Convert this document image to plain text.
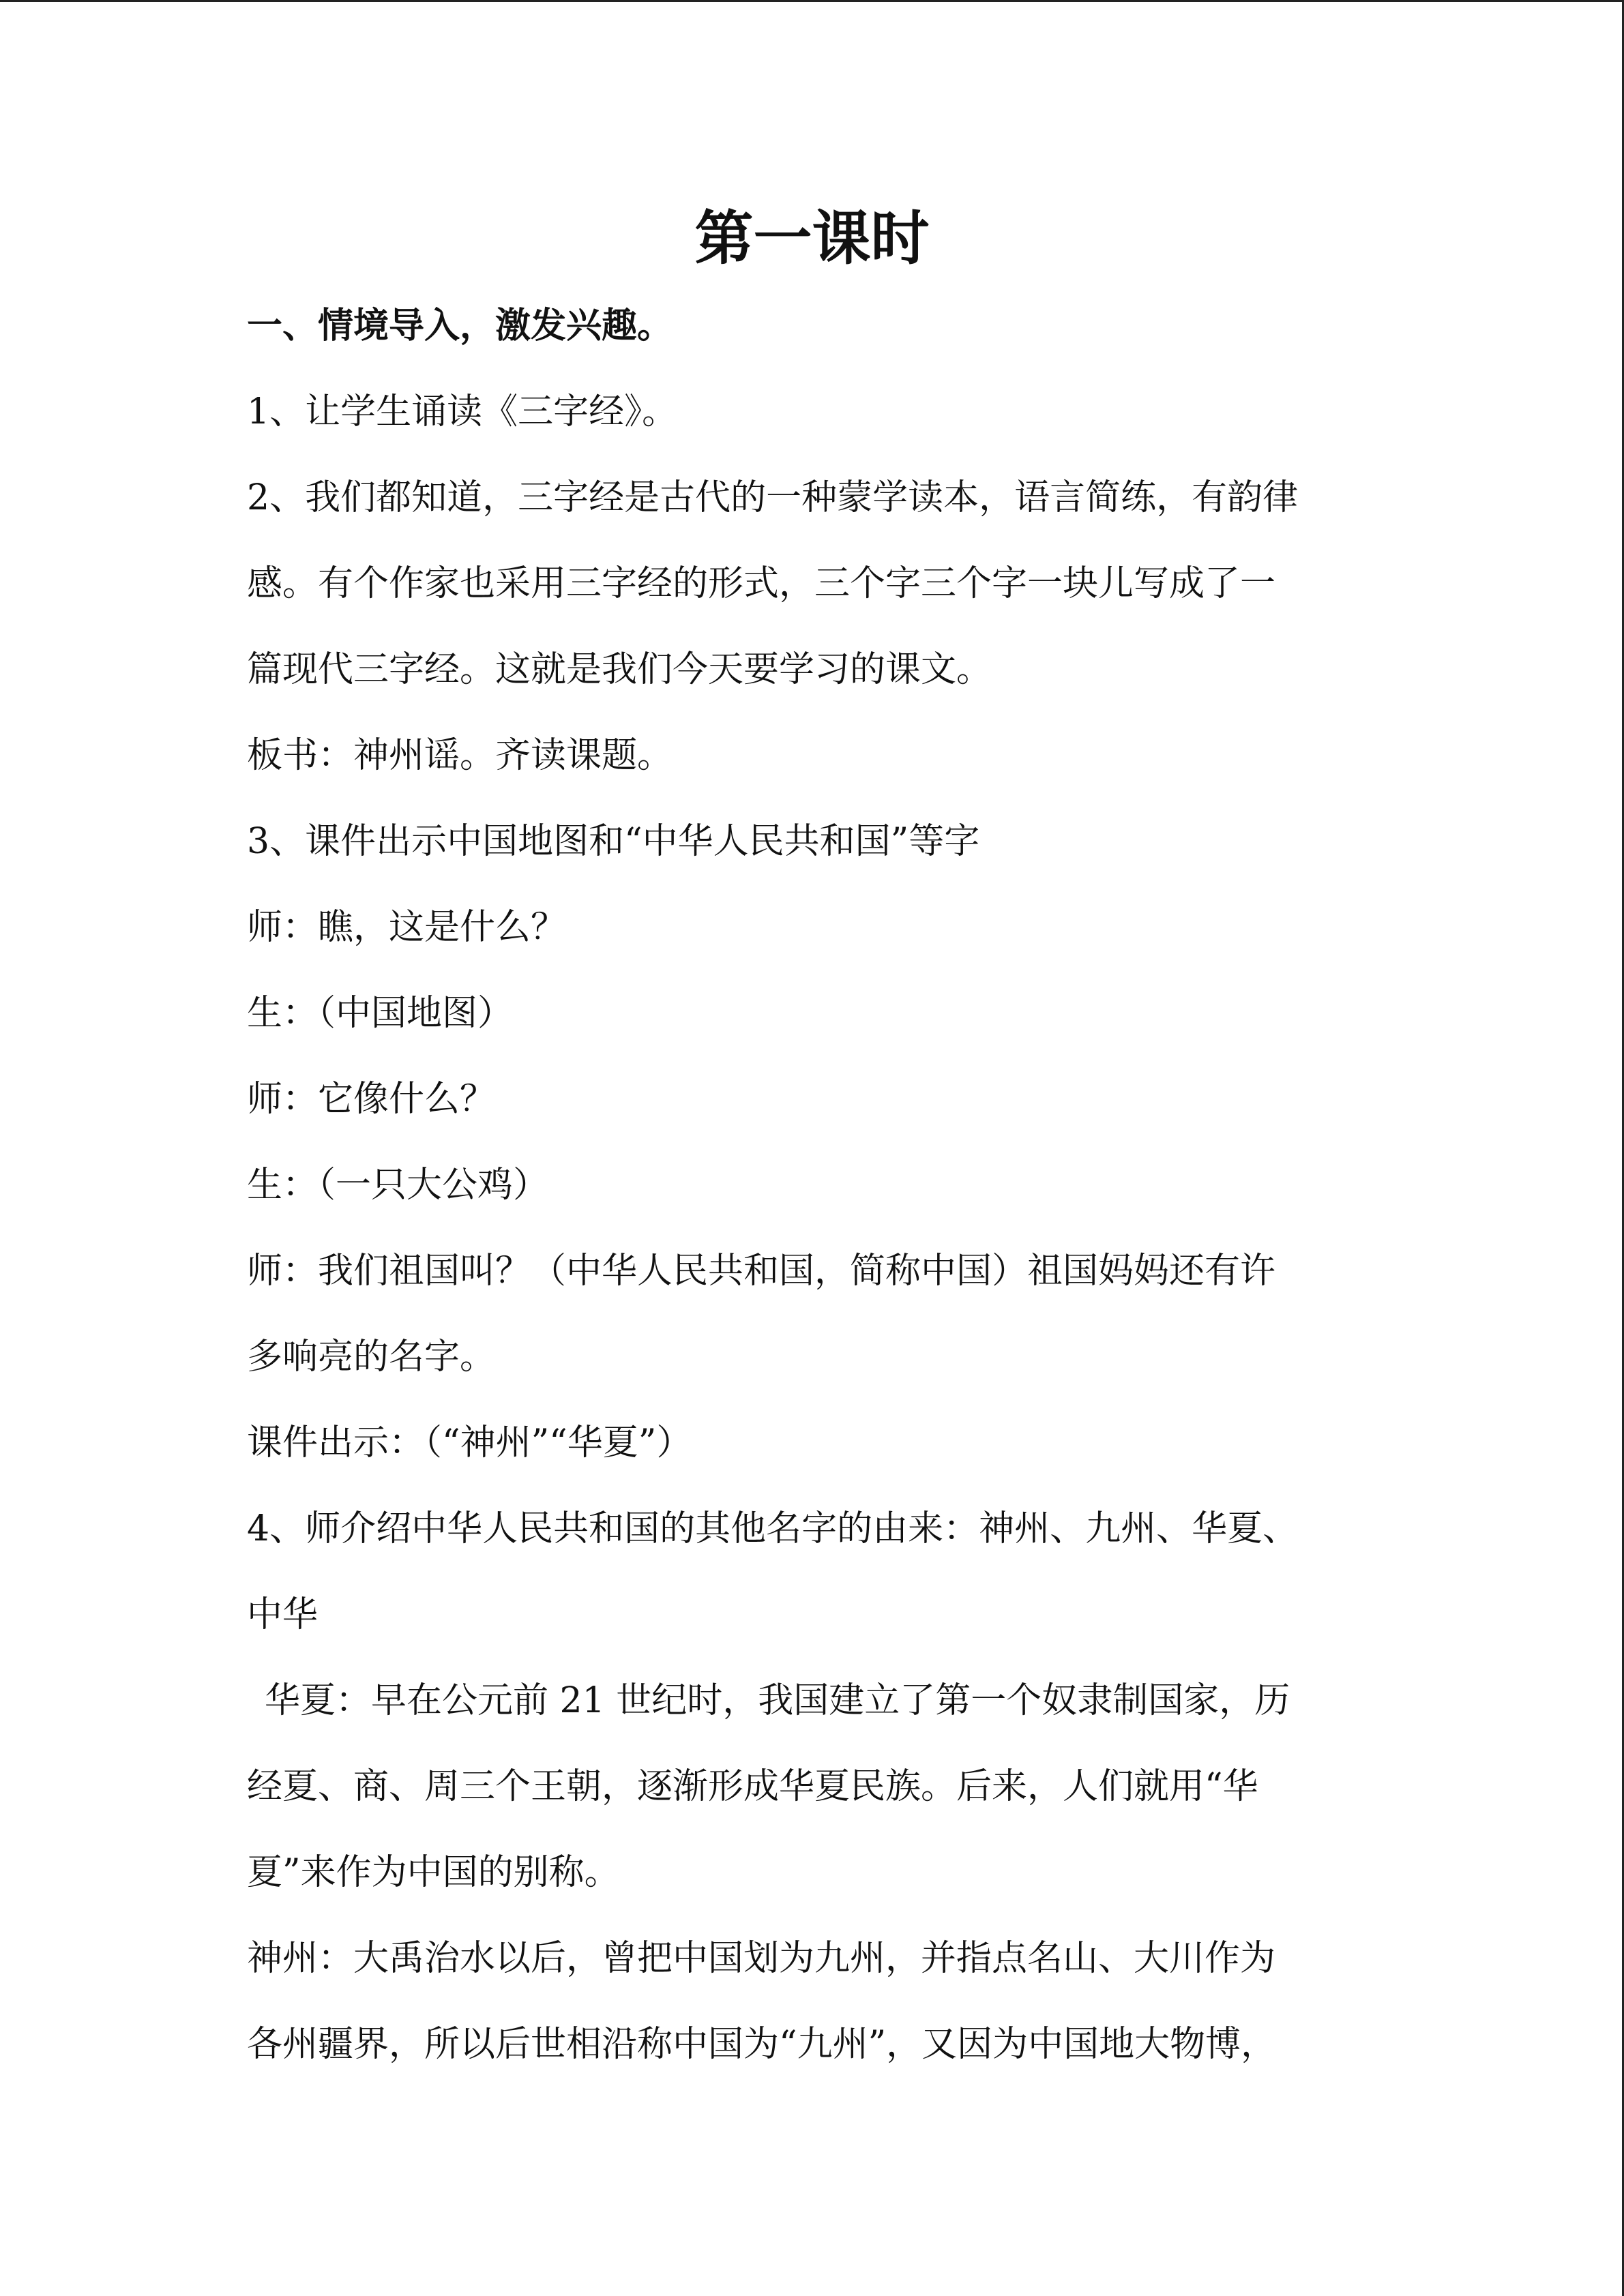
第一课时

一、情境导入，激发兴趣。

1、让学生诵读《三字经》。

2、我们都知道，三字经是古代的一种蒙学读本，语言简练，有韵律

感。有个作家也采用三字经的形式，三个字三个字一块儿写成了一

篇现代三字经。这就是我们今天要学习的课文。

板书：神州谣。齐读课题。

3、课件出示中国地图和“中华人民共和国”等字

师：瞧，这是什么？

生：（中国地图）

师：它像什么？

生：（一只大公鸡）

师：我们祖国叫？（中华人民共和国，简称中国）祖国妈妈还有许

多响亮的名字。

课件出示：（“神州”“华夏”）

4、师介绍中华人民共和国的其他名字的由来：神州、九州、华夏、

中华

华夏：早在公元前 21 世纪时，我国建立了第一个奴隶制国家，历

经夏、商、周三个王朝，逐渐形成华夏民族。后来，人们就用“华

夏”来作为中国的别称。

神州：大禹治水以后，曾把中国划为九州，并指点名山、大川作为

各州疆界，所以后世相沿称中国为“九州”，又因为中国地大物博，
